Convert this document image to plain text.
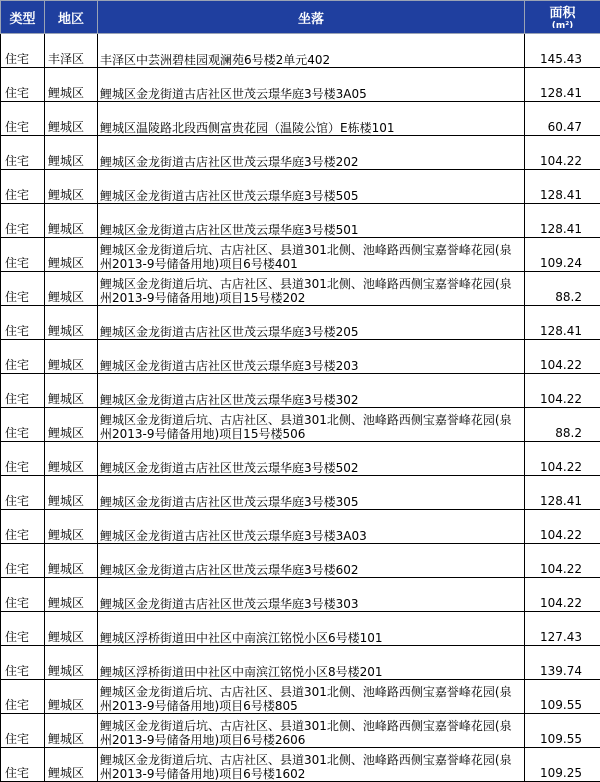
类型	地区	坐落	面积
(m²)

住宅	丰泽区	丰泽区中芸洲碧桂园观澜苑6号楼2单元402	145.43
住宅	鲤城区	鲤城区金龙街道古店社区世茂云璟华庭3号楼3A05	128.41
住宅	鲤城区	鲤城区温陵路北段西侧富贵花园（温陵公馆）E栋楼101	60.47
住宅	鲤城区	鲤城区金龙街道古店社区世茂云璟华庭3号楼202	104.22
住宅	鲤城区	鲤城区金龙街道古店社区世茂云璟华庭3号楼505	128.41
住宅	鲤城区	鲤城区金龙街道古店社区世茂云璟华庭3号楼501	128.41
住宅	鲤城区	鲤城区金龙街道后坑、古店社区、县道301北侧、池峰路西侧宝嘉誉峰花园(泉州2013-9号储备用地)项目6号楼401	109.24
住宅	鲤城区	鲤城区金龙街道后坑、古店社区、县道301北侧、池峰路西侧宝嘉誉峰花园(泉州2013-9号储备用地)项目15号楼202	88.2
住宅	鲤城区	鲤城区金龙街道古店社区世茂云璟华庭3号楼205	128.41
住宅	鲤城区	鲤城区金龙街道古店社区世茂云璟华庭3号楼203	104.22
住宅	鲤城区	鲤城区金龙街道古店社区世茂云璟华庭3号楼302	104.22
住宅	鲤城区	鲤城区金龙街道后坑、古店社区、县道301北侧、池峰路西侧宝嘉誉峰花园(泉州2013-9号储备用地)项目15号楼506	88.2
住宅	鲤城区	鲤城区金龙街道古店社区世茂云璟华庭3号楼502	104.22
住宅	鲤城区	鲤城区金龙街道古店社区世茂云璟华庭3号楼305	128.41
住宅	鲤城区	鲤城区金龙街道古店社区世茂云璟华庭3号楼3A03	104.22
住宅	鲤城区	鲤城区金龙街道古店社区世茂云璟华庭3号楼602	104.22
住宅	鲤城区	鲤城区金龙街道古店社区世茂云璟华庭3号楼303	104.22
住宅	鲤城区	鲤城区浮桥街道田中社区中南滨江铭悦小区6号楼101	127.43
住宅	鲤城区	鲤城区浮桥街道田中社区中南滨江铭悦小区8号楼201	139.74
住宅	鲤城区	鲤城区金龙街道后坑、古店社区、县道301北侧、池峰路西侧宝嘉誉峰花园(泉州2013-9号储备用地)项目6号楼805	109.55
住宅	鲤城区	鲤城区金龙街道后坑、古店社区、县道301北侧、池峰路西侧宝嘉誉峰花园(泉州2013-9号储备用地)项目6号楼2606	109.55
住宅	鲤城区	鲤城区金龙街道后坑、古店社区、县道301北侧、池峰路西侧宝嘉誉峰花园(泉州2013-9号储备用地)项目6号楼1602	109.25
